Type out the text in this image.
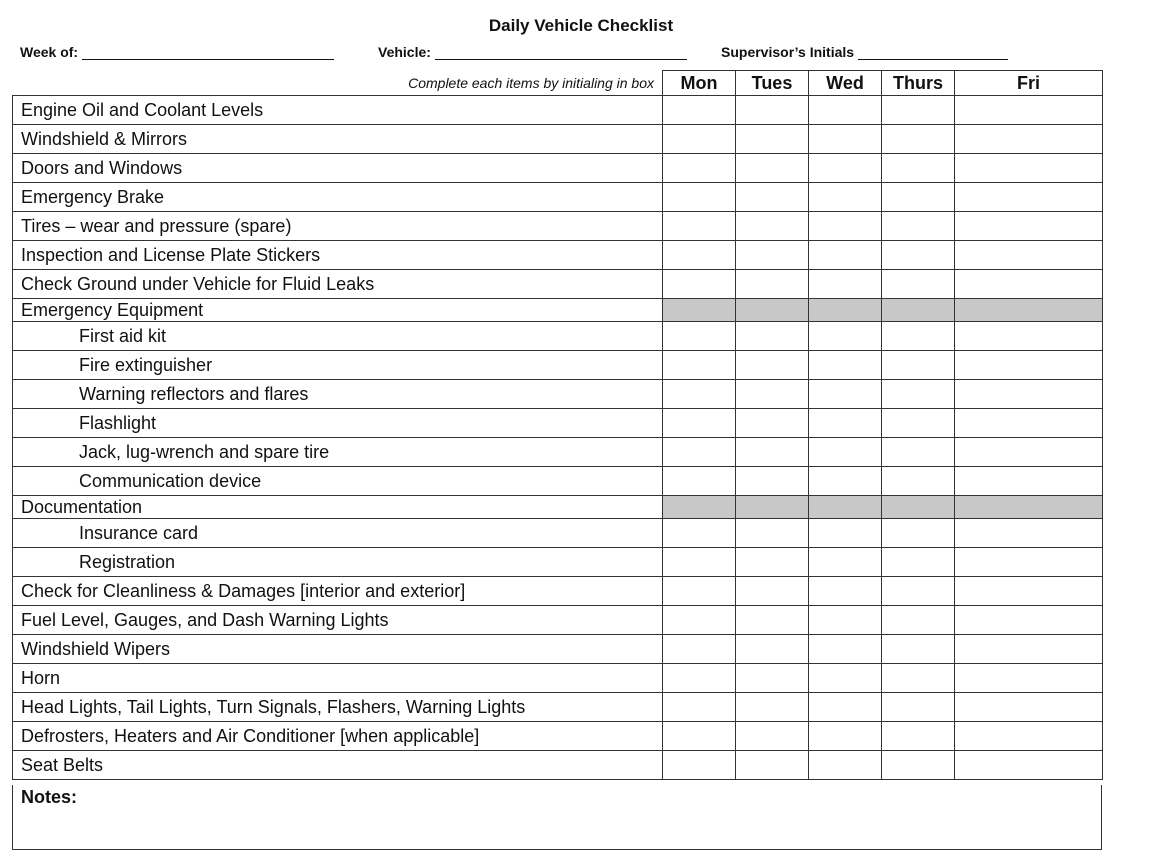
Daily Vehicle Checklist
Week of:	Vehicle:	Supervisor’s Initials
Complete each items by initialing in box	Mon	Tues	Wed	Thurs	Fri
Engine Oil and Coolant Levels					
Windshield & Mirrors					
Doors and Windows					
Emergency Brake					
Tires – wear and pressure (spare)					
Inspection and License Plate Stickers					
Check Ground under Vehicle for Fluid Leaks					
Emergency Equipment					
First aid kit					
Fire extinguisher					
Warning reflectors and flares					
Flashlight					
Jack, lug-wrench and spare tire					
Communication device					
Documentation					
Insurance card					
Registration					
Check for Cleanliness & Damages [interior and exterior]					
Fuel Level, Gauges, and Dash Warning Lights					
Windshield Wipers					
Horn					
Head Lights, Tail Lights, Turn Signals, Flashers, Warning Lights					
Defrosters, Heaters and Air Conditioner [when applicable]					
Seat Belts					
Notes:
